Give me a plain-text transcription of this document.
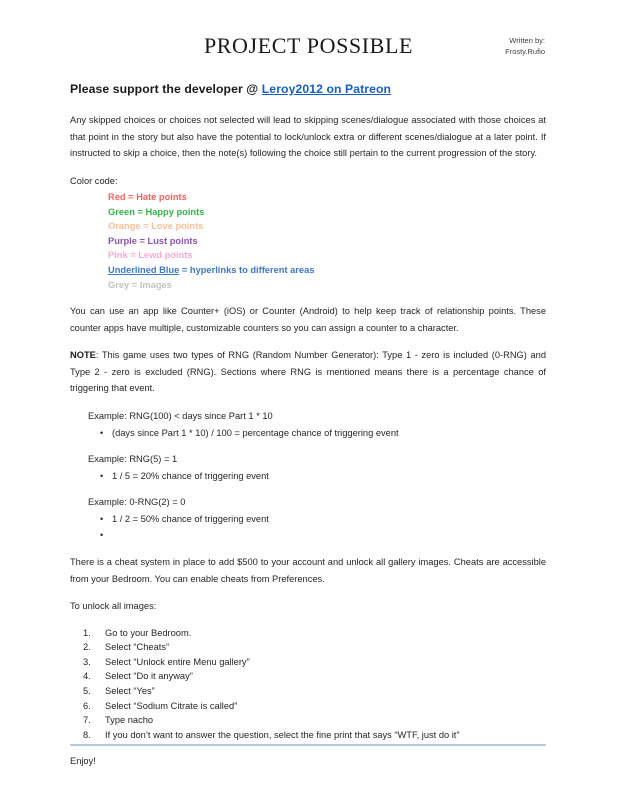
PROJECT POSSIBLE	Written by:
Frosty.Rufio
Please support the developer @ Leroy2012 on Patreon

Any skipped choices or choices not selected will lead to skipping scenes/dialogue associated with those choices at that point in the story but also have the potential to lock/unlock extra or different scenes/dialogue at a later point. If instructed to skip a choice, then the note(s) following the choice still pertain to the current progression of the story.

Color code:

Red = Hate points
Green = Happy points
Orange = Love points
Purple = Lust points
Pink = Lewd points
Underlined Blue = hyperlinks to different areas
Grey = Images

You can use an app like Counter+ (iOS) or Counter (Android) to help keep track of relationship points. These counter apps have multiple, customizable counters so you can assign a counter to a character.

NOTE: This game uses two types of RNG (Random Number Generator): Type 1 - zero is included (0-RNG) and Type 2 - zero is excluded (RNG). Sections where RNG is mentioned means there is a percentage chance of triggering that event.

Example: RNG(100) < days since Part 1 * 10
• (days since Part 1 * 10) / 100 = percentage chance of triggering event
Example: RNG(5) = 1
• 1 / 5 = 20% chance of triggering event
Example: 0-RNG(2) = 0
• 1 / 2 = 50% chance of triggering event
•

There is a cheat system in place to add $500 to your account and unlock all gallery images. Cheats are accessible from your Bedroom. You can enable cheats from Preferences.

To unlock all images:

Go to your Bedroom.
Select “Cheats”
Select “Unlock entire Menu gallery”
Select “Do it anyway”
Select “Yes”
Select “Sodium Citrate is called”
Type nacho
If you don’t want to answer the question, select the fine print that says “WTF, just do it”

Enjoy!
